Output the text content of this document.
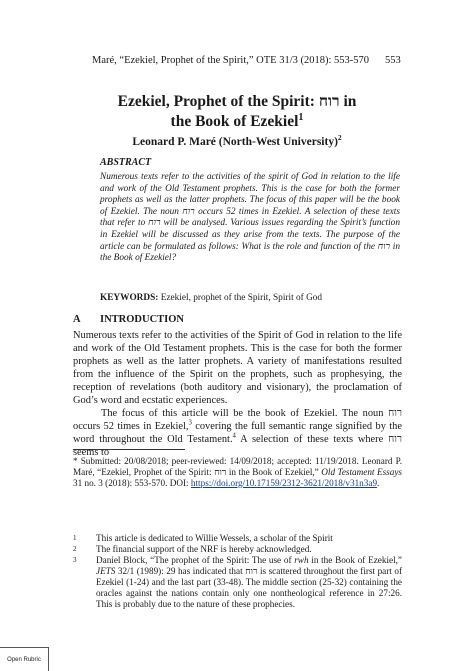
Maré, “Ezekiel, Prophet of the Spirit,” OTE 31/3 (2018): 553-570	553
Ezekiel, Prophet of the Spirit: רוח in
the Book of Ezekiel$^1$
Leonard P. Maré (North-West University)$^2$
ABSTRACT
Numerous texts refer to the activities of the spirit of God in relation to the life and work of the Old Testament prophets. This is the case for both the former prophets as well as the latter prophets. The focus of this paper will be the book of Ezekiel. The noun רוח occurs 52 times in Ezekiel. A selection of these texts that refer to רוח will be analysed. Various issues regarding the Spirit’s function in Ezekiel will be discussed as they arise from the texts. The purpose of the article can be formulated as follows: What is the role and function of the רוח in the Book of Ezekiel?
KEYWORDS: Ezekiel, prophet of the Spirit, Spirit of God
A INTRODUCTION
Numerous texts refer to the activities of the Spirit of God in relation to the life and work of the Old Testament prophets. This is the case for both the former prophets as well as the latter prophets. A variety of manifestations resulted from the influence of the Spirit on the prophets, such as prophesying, the reception of revelations (both auditory and visionary), the proclamation of God’s word and ecstatic experiences.
The focus of this article will be the book of Ezekiel. The noun רוח occurs 52 times in Ezekiel,$^3$ covering the full semantic range signified by the word throughout the Old Testament.$^4$ A selection of these texts where רוח seems to
* Submitted: 20/08/2018; peer-reviewed: 14/09/2018; accepted: 11/19/2018. Leonard P. Maré, “Ezekiel, Prophet of the Spirit: רוח in the Book of Ezekiel,” Old Testament Essays 31 no. 3 (2018): 553-570. DOI: https://doi.org/10.17159/2312-3621/2018/v31n3a9.
1 This article is dedicated to Willie Wessels, a scholar of the Spirit
2 The financial support of the NRF is hereby acknowledged.
3 Daniel Block, “The prophet of the Spirit: The use of rwh in the Book of Ezekiel,” JETS 32/1 (1989): 29 has indicated that רוח is scattered throughout the first part of Ezekiel (1-24) and the last part (33-48). The middle section (25-32) containing the oracles against the nations contain only one nontheological reference in 27:26. This is probably due to the nature of these prophecies.
Open Rubric
